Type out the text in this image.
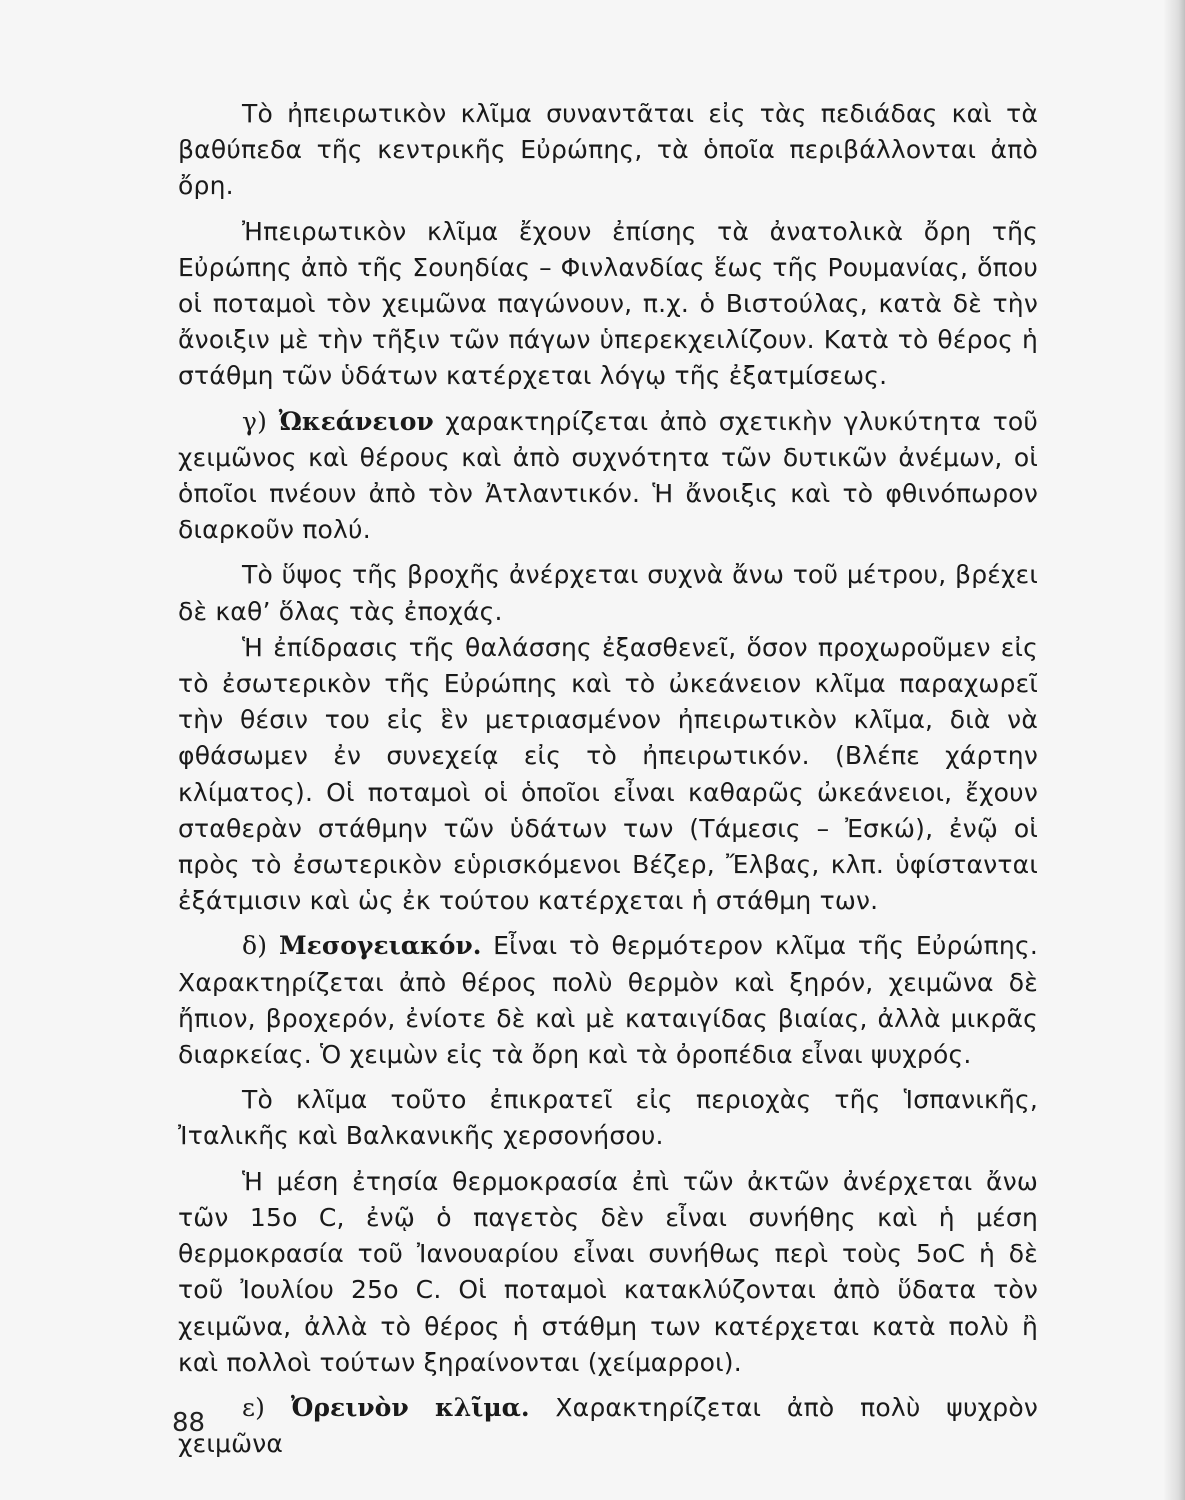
Τὸ ἠπειρωτικὸν κλῖμα συναντᾶται εἰς τὰς πεδιάδας καὶ τὰ βαθύπεδα τῆς κεντρικῆς Εὐρώπης, τὰ ὁποῖα περιβάλλονται ἀπὸ ὄρη.

Ἠπειρωτικὸν κλῖμα ἔχουν ἐπίσης τὰ ἀνατολικὰ ὄρη τῆς Εὐρώπης ἀπὸ τῆς Σουηδίας – Φινλανδίας ἕως τῆς Ρουμανίας, ὅπου οἱ ποταμοὶ τὸν χειμῶνα παγώνουν, π.χ. ὁ Βιστούλας, κατὰ δὲ τὴν ἄνοιξιν μὲ τὴν τῆξιν τῶν πάγων ὑπερεκχειλίζουν. Κατὰ τὸ θέρος ἡ στάθμη τῶν ὑδάτων κατέρχεται λόγῳ τῆς ἐξατμίσεως.

γ) Ὠκεάνειον χαρακτηρίζεται ἀπὸ σχετικὴν γλυκύτητα τοῦ χειμῶνος καὶ θέρους καὶ ἀπὸ συχνότητα τῶν δυτικῶν ἀνέμων, οἱ ὁποῖοι πνέουν ἀπὸ τὸν Ἀτλαντικόν. Ἡ ἄνοιξις καὶ τὸ φθινόπωρον διαρκοῦν πολύ.

Τὸ ὕψος τῆς βροχῆς ἀνέρχεται συχνὰ ἄνω τοῦ μέτρου, βρέχει δὲ καθ’ ὅλας τὰς ἐποχάς.

Ἡ ἐπίδρασις τῆς θαλάσσης ἐξασθενεῖ, ὅσον προχωροῦμεν εἰς τὸ ἐσωτερικὸν τῆς Εὐρώπης καὶ τὸ ὠκεάνειον κλῖμα παραχωρεῖ τὴν θέσιν του εἰς ἓν μετριασμένον ἠπειρωτικὸν κλῖμα, διὰ νὰ φθάσωμεν ἐν συνεχείᾳ εἰς τὸ ἠπειρωτικόν. (Βλέπε χάρτην κλίματος). Οἱ ποταμοὶ οἱ ὁποῖοι εἶναι καθαρῶς ὠκεάνειοι, ἔχουν σταθερὰν στάθμην τῶν ὑδάτων των (Τάμεσις – Ἐσκώ), ἐνῷ οἱ πρὸς τὸ ἐσωτερικὸν εὑρισκόμενοι Βέζερ, Ἔλβας, κλπ. ὑφίστανται ἐξάτμισιν καὶ ὡς ἐκ τούτου κατέρχεται ἡ στάθμη των.

δ) Μεσογειακόν. Εἶναι τὸ θερμότερον κλῖμα τῆς Εὐρώπης. Χαρακτηρίζεται ἀπὸ θέρος πολὺ θερμὸν καὶ ξηρόν, χειμῶνα δὲ ἤπιον, βροχερόν, ἐνίοτε δὲ καὶ μὲ καταιγίδας βιαίας, ἀλλὰ μικρᾶς διαρκείας. Ὁ χειμὼν εἰς τὰ ὄρη καὶ τὰ ὀροπέδια εἶναι ψυχρός.

Τὸ κλῖμα τοῦτο ἐπικρατεῖ εἰς περιοχὰς τῆς Ἱσπανικῆς, Ἰταλικῆς καὶ Βαλκανικῆς χερσονήσου.

Ἡ μέση ἐτησία θερμοκρασία ἐπὶ τῶν ἀκτῶν ἀνέρχεται ἄνω τῶν 15ο C, ἐνῷ ὁ παγετὸς δὲν εἶναι συνήθης καὶ ἡ μέση θερμοκρασία τοῦ Ἰανουαρίου εἶναι συνήθως περὶ τοὺς 5οC ἡ δὲ τοῦ Ἰουλίου 25ο C. Οἱ ποταμοὶ κατακλύζονται ἀπὸ ὕδατα τὸν χειμῶνα, ἀλλὰ τὸ θέρος ἡ στάθμη των κατέρχεται κατὰ πολὺ ἢ καὶ πολλοὶ τούτων ξηραίνονται (χείμαρροι).

ε) Ὀρεινὸν κλῖμα. Χαρακτηρίζεται ἀπὸ πολὺ ψυχρὸν χειμῶνα

88
